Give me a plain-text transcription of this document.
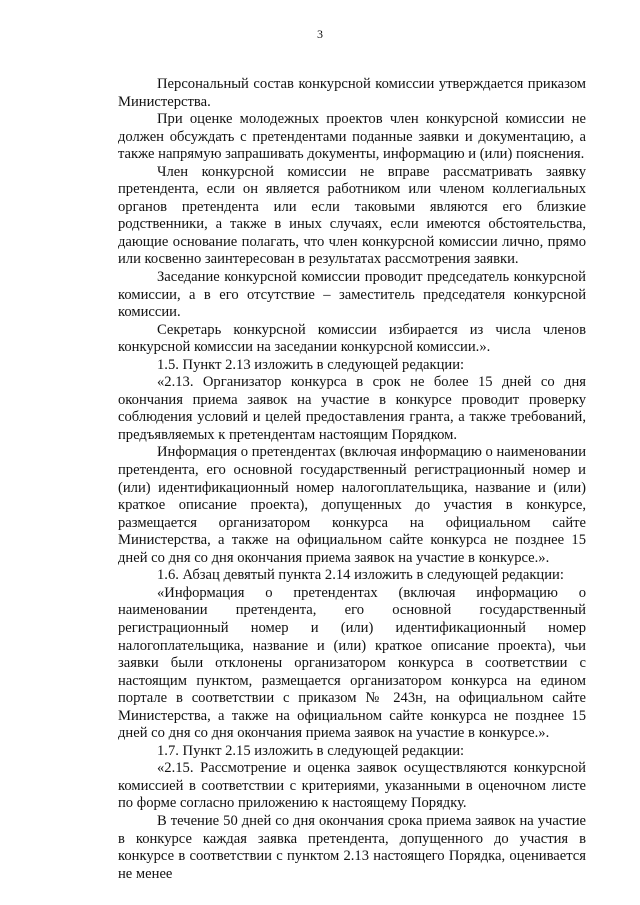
3

Персональный состав конкурсной комиссии утверждается приказом Министерства.

При оценке молодежных проектов член конкурсной комиссии не должен обсуждать с претендентами поданные заявки и документацию, а также напрямую запрашивать документы, информацию и (или) пояснения.

Член конкурсной комиссии не вправе рассматривать заявку претендента, если он является работником или членом коллегиальных органов претендента или если таковыми являются его близкие родственники, а также в иных случаях, если имеются обстоятельства, дающие основание полагать, что член конкурсной комиссии лично, прямо или косвенно заинтересован в результатах рассмотрения заявки.

Заседание конкурсной комиссии проводит председатель конкурсной комиссии, а в его отсутствие – заместитель председателя конкурсной комиссии.

Секретарь конкурсной комиссии избирается из числа членов конкурсной комиссии на заседании конкурсной комиссии.».

1.5. Пункт 2.13 изложить в следующей редакции:

«2.13. Организатор конкурса в срок не более 15 дней со дня окончания приема заявок на участие в конкурсе проводит проверку соблюдения условий и целей предоставления гранта, а также требований, предъявляемых к претендентам настоящим Порядком.

Информация о претендентах (включая информацию о наименовании претендента, его основной государственный регистрационный номер и (или) идентификационный номер налогоплательщика, название и (или) краткое описание проекта), допущенных до участия в конкурсе, размещается организатором конкурса на официальном сайте Министерства, а также на официальном сайте конкурса не позднее 15 дней со дня со дня окончания приема заявок на участие в конкурсе.».

1.6. Абзац девятый пункта 2.14 изложить в следующей редакции:

«Информация о претендентах (включая информацию о наименовании претендента, его основной государственный регистрационный номер и (или) идентификационный номер налогоплательщика, название и (или) краткое описание проекта), чьи заявки были отклонены организатором конкурса в соответствии с настоящим пунктом, размещается организатором конкурса на едином портале в соответствии с приказом № 243н, на официальном сайте Министерства, а также на официальном сайте конкурса не позднее 15 дней со дня со дня окончания приема заявок на участие в конкурсе.».

1.7. Пункт 2.15 изложить в следующей редакции:

«2.15. Рассмотрение и оценка заявок осуществляются конкурсной комиссией в соответствии с критериями, указанными в оценочном листе по форме согласно приложению к настоящему Порядку.

В течение 50 дней со дня окончания срока приема заявок на участие в конкурсе каждая заявка претендента, допущенного до участия в конкурсе в соответствии с пунктом 2.13 настоящего Порядка, оценивается не менее
